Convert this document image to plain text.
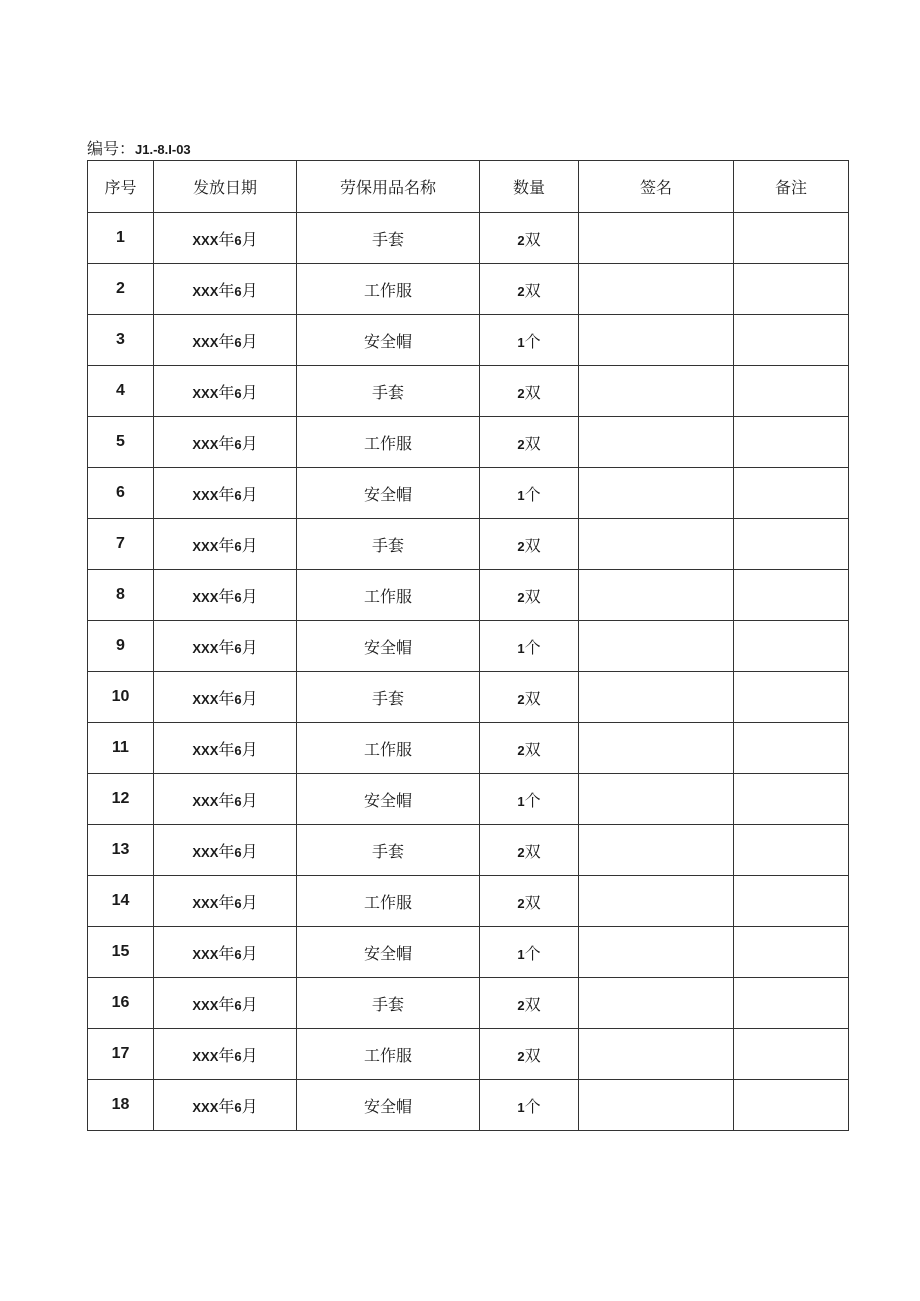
编号：J1.-8.I-03
序号	发放日期	劳保用品名称	数量	签名	备注
1	XXX年6月	手套	2双		
2	XXX年6月	工作服	2双		
3	XXX年6月	安全帽	1个		
4	XXX年6月	手套	2双		
5	XXX年6月	工作服	2双		
6	XXX年6月	安全帽	1个		
7	XXX年6月	手套	2双		
8	XXX年6月	工作服	2双		
9	XXX年6月	安全帽	1个		
10	XXX年6月	手套	2双		
11	XXX年6月	工作服	2双		
12	XXX年6月	安全帽	1个		
13	XXX年6月	手套	2双		
14	XXX年6月	工作服	2双		
15	XXX年6月	安全帽	1个		
16	XXX年6月	手套	2双		
17	XXX年6月	工作服	2双		
18	XXX年6月	安全帽	1个		
